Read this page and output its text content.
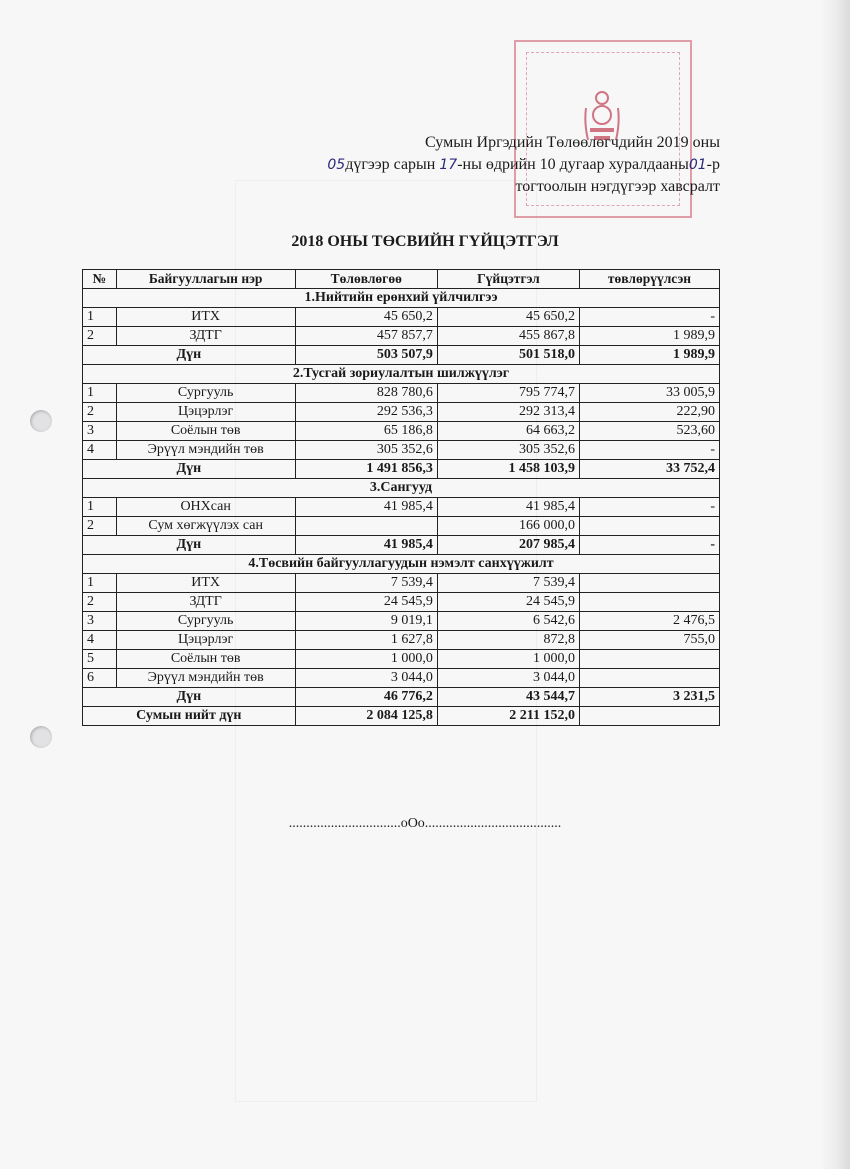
Сумын Иргэдийн Төлөөлөгчдийн 2019 оны
05дүгээр сарын 17-ны өдрийн 10 дугаар хуралдааны01-р
тогтоолын нэгдүгээр хавсралт
2018 ОНЫ ТӨСВИЙН ГҮЙЦЭТГЭЛ
№	Байгууллагын нэр	Төлөвлөгөө	Гүйцэтгэл	төвлөрүүлсэн
1.Нийтийн ерөнхий үйлчилгээ				
1	ИТХ	45 650,2	45 650,2	-
2	ЗДТГ	457 857,7	455 867,8	1 989,9
Дүн		503 507,9	501 518,0	1 989,9
2.Тусгай зориулалтын шилжүүлэг				
1	Сургууль	828 780,6	795 774,7	33 005,9
2	Цэцэрлэг	292 536,3	292 313,4	222,90
3	Соёлын төв	65 186,8	64 663,2	523,60
4	Эрүүл мэндийн төв	305 352,6	305 352,6	-
Дүн		1 491 856,3	1 458 103,9	33 752,4
3.Сангууд				
1	ОНХсан	41 985,4	41 985,4	-
2	Сум хөгжүүлэх сан		166 000,0	
Дүн		41 985,4	207 985,4	-
4.Төсвийн байгууллагуудын нэмэлт санхүүжилт				
1	ИТХ	7 539,4	7 539,4	
2	ЗДТГ	24 545,9	24 545,9	
3	Сургууль	9 019,1	6 542,6	2 476,5
4	Цэцэрлэг	1 627,8	872,8	755,0
5	Соёлын төв	1 000,0	1 000,0	
6	Эрүүл мэндийн төв	3 044,0	3 044,0	
Дүн		46 776,2	43 544,7	3 231,5
Сумын нийт дүн		2 084 125,8	2 211 152,0	
................................oOo.......................................
